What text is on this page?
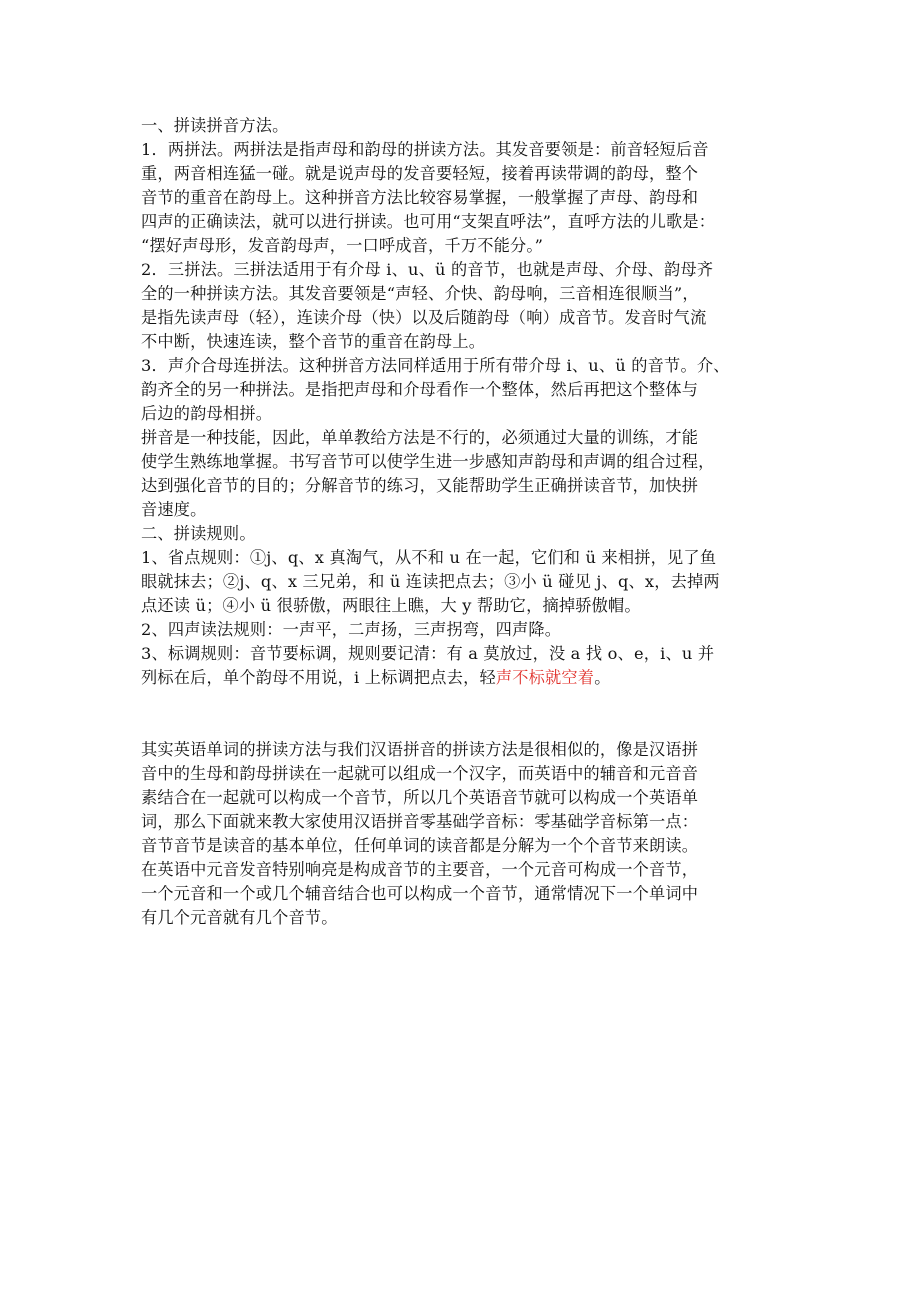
一、拼读拼音方法。
1．两拼法。两拼法是指声母和韵母的拼读方法。其发音要领是：前音轻短后音
重，两音相连猛一碰。就是说声母的发音要轻短，接着再读带调的韵母，整个
音节的重音在韵母上。这种拼音方法比较容易掌握，一般掌握了声母、韵母和
四声的正确读法，就可以进行拼读。也可用“支架直呼法”，直呼方法的儿歌是：
“摆好声母形，发音韵母声，一口呼成音，千万不能分。”
2．三拼法。三拼法适用于有介母 i、u、ü 的音节，也就是声母、介母、韵母齐
全的一种拼读方法。其发音要领是“声轻、介快、韵母响，三音相连很顺当”，
是指先读声母（轻），连读介母（快）以及后随韵母（响）成音节。发音时气流
不中断，快速连读，整个音节的重音在韵母上。
3．声介合母连拼法。这种拼音方法同样适用于所有带介母 i、u、ü 的音节。介、
韵齐全的另一种拼法。是指把声母和介母看作一个整体，然后再把这个整体与
后边的韵母相拼。
拼音是一种技能，因此，单单教给方法是不行的，必须通过大量的训练，才能
使学生熟练地掌握。书写音节可以使学生进一步感知声韵母和声调的组合过程，
达到强化音节的目的；分解音节的练习，又能帮助学生正确拼读音节，加快拼
音速度。
二、拼读规则。
1、省点规则：①j、q、x 真淘气，从不和 u 在一起，它们和 ü 来相拼，见了鱼
眼就抹去；②j、q、x 三兄弟，和 ü 连读把点去；③小 ü 碰见 j、q、x，去掉两
点还读 ü；④小 ü 很骄傲，两眼往上瞧，大 y 帮助它，摘掉骄傲帽。
2、四声读法规则：一声平，二声扬，三声拐弯，四声降。
3、标调规则：音节要标调，规则要记清：有 a 莫放过，没 a 找 o、e，i、u 并
列标在后，单个韵母不用说，i 上标调把点去，轻声不标就空着。
其实英语单词的拼读方法与我们汉语拼音的拼读方法是很相似的，像是汉语拼
音中的生母和韵母拼读在一起就可以组成一个汉字，而英语中的辅音和元音音
素结合在一起就可以构成一个音节，所以几个英语音节就可以构成一个英语单
词，那么下面就来教大家使用汉语拼音零基础学音标：零基础学音标第一点：
音节音节是读音的基本单位，任何单词的读音都是分解为一个个音节来朗读。
在英语中元音发音特别响亮是构成音节的主要音，一个元音可构成一个音节，
一个元音和一个或几个辅音结合也可以构成一个音节，通常情况下一个单词中
有几个元音就有几个音节。
